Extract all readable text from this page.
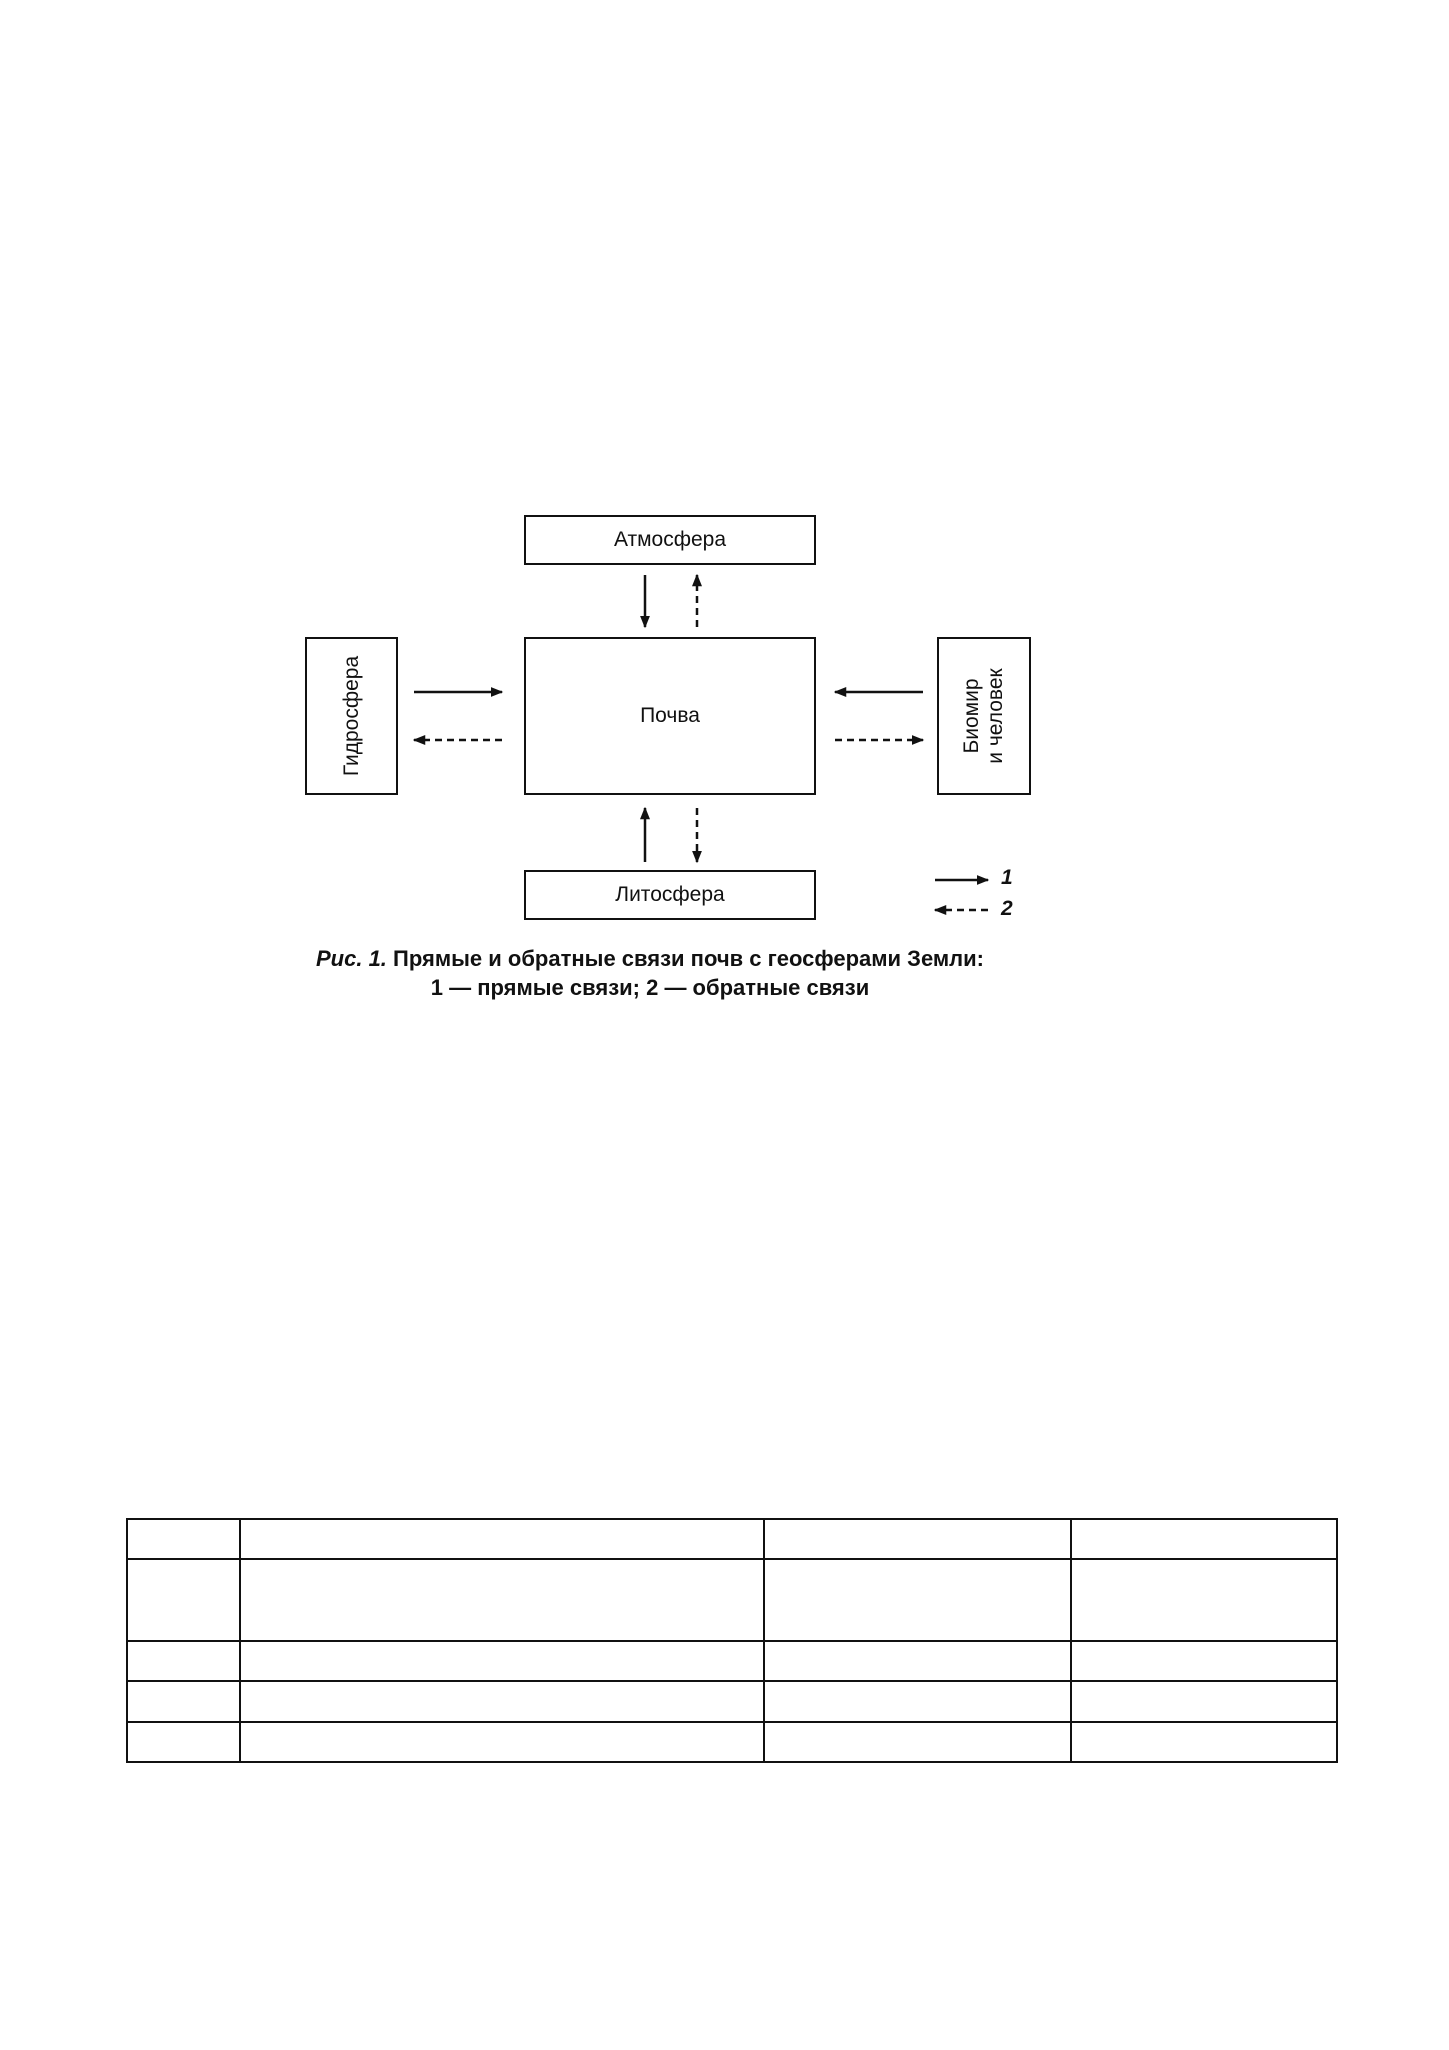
Атмосфера
Почва
Гидросфера	Биомир и человек
Литосфера
1
2
Рис. 1. Прямые и обратные связи почв с геосферами Земли:
1 — прямые связи; 2 — обратные связи
